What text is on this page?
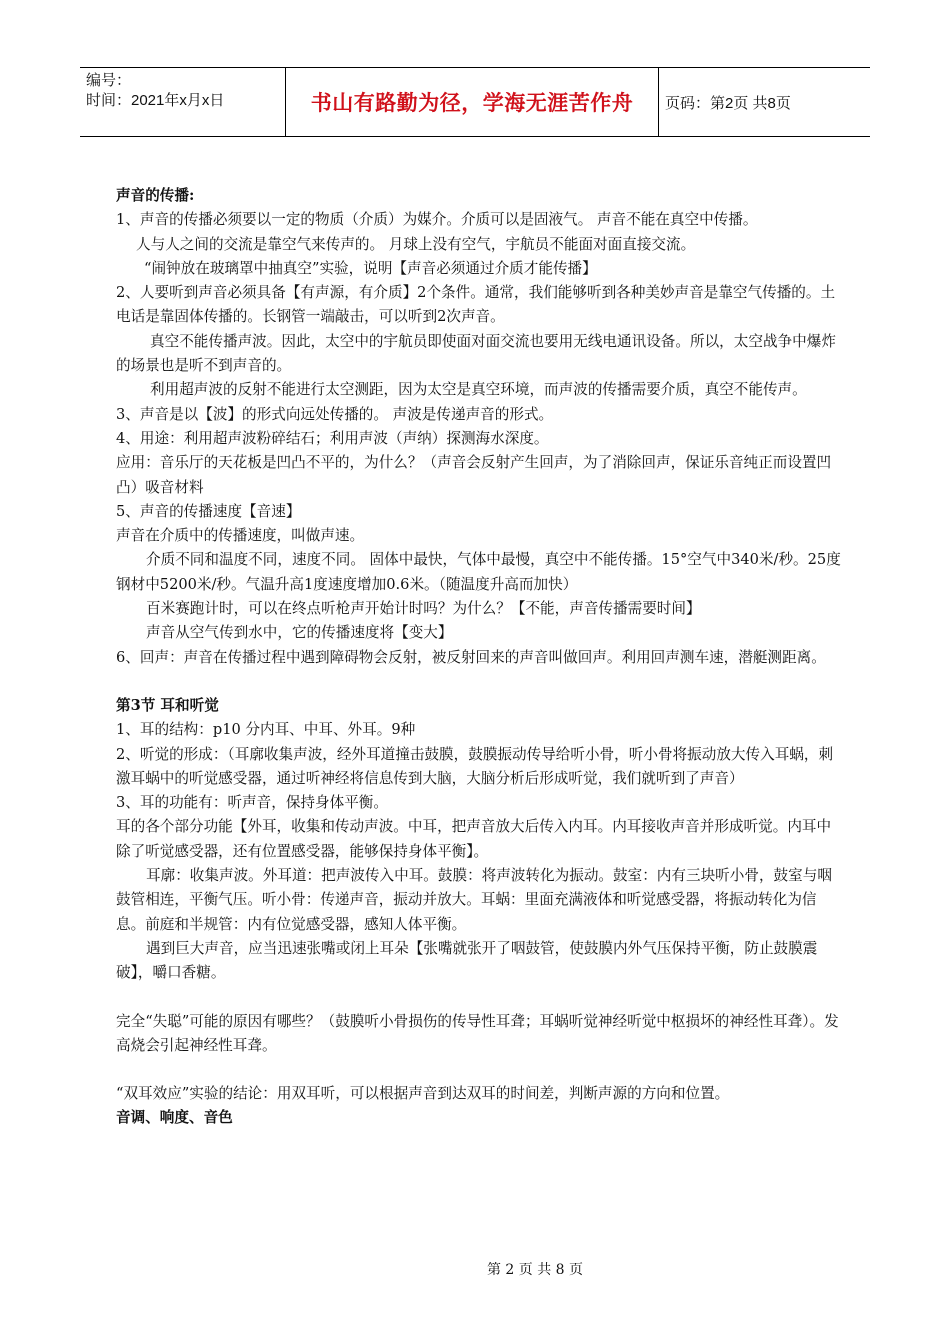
编号：
时间：2021年x月x日	书山有路勤为径，学海无涯苦作舟	页码：第2页 共8页

声音的传播:

1、声音的传播必须要以一定的物质（介质）为媒介。介质可以是固液气。 声音不能在真空中传播。

人与人之间的交流是靠空气来传声的。 月球上没有空气，宇航员不能面对面直接交流。

“闹钟放在玻璃罩中抽真空”实验，说明【声音必须通过介质才能传播】

2、人要听到声音必须具备【有声源，有介质】2个条件。通常，我们能够听到各种美妙声音是靠空气传播的。土电话是靠固体传播的。长钢管一端敲击，可以听到2次声音。

真空不能传播声波。因此，太空中的宇航员即使面对面交流也要用无线电通讯设备。所以，太空战争中爆炸的场景也是听不到声音的。

利用超声波的反射不能进行太空测距，因为太空是真空环境，而声波的传播需要介质，真空不能传声。

3、声音是以【波】的形式向远处传播的。 声波是传递声音的形式。

4、用途：利用超声波粉碎结石；利用声波（声纳）探测海水深度。

应用：音乐厅的天花板是凹凸不平的，为什么？（声音会反射产生回声，为了消除回声，保证乐音纯正而设置凹凸）吸音材料

5、声音的传播速度【音速】

声音在介质中的传播速度，叫做声速。

介质不同和温度不同，速度不同。 固体中最快，气体中最慢，真空中不能传播。15°空气中340米/秒。25度钢材中5200米/秒。气温升高1度速度增加0.6米。（随温度升高而加快）

百米赛跑计时，可以在终点听枪声开始计时吗？为什么？【不能，声音传播需要时间】

声音从空气传到水中，它的传播速度将【变大】

6、回声：声音在传播过程中遇到障碍物会反射，被反射回来的声音叫做回声。利用回声测车速，潜艇测距离。

第3节 耳和听觉

1、耳的结构：p10 分内耳、中耳、外耳。9种

2、听觉的形成：（耳廓收集声波，经外耳道撞击鼓膜，鼓膜振动传导给听小骨，听小骨将振动放大传入耳蜗，刺激耳蜗中的听觉感受器，通过听神经将信息传到大脑，大脑分析后形成听觉，我们就听到了声音）

3、耳的功能有：听声音，保持身体平衡。

耳的各个部分功能【外耳，收集和传动声波。中耳，把声音放大后传入内耳。内耳接收声音并形成听觉。内耳中除了听觉感受器，还有位置感受器，能够保持身体平衡】。

耳廓：收集声波。外耳道：把声波传入中耳。鼓膜：将声波转化为振动。鼓室：内有三块听小骨，鼓室与咽鼓管相连，平衡气压。听小骨：传递声音，振动并放大。耳蜗：里面充满液体和听觉感受器，将振动转化为信息。前庭和半规管：内有位觉感受器，感知人体平衡。

遇到巨大声音，应当迅速张嘴或闭上耳朵【张嘴就张开了咽鼓管，使鼓膜内外气压保持平衡，防止鼓膜震破】，嚼口香糖。

完全“失聪”可能的原因有哪些？（鼓膜听小骨损伤的传导性耳聋；耳蜗听觉神经听觉中枢损坏的神经性耳聋）。发高烧会引起神经性耳聋。

“双耳效应”实验的结论：用双耳听，可以根据声音到达双耳的时间差，判断声源的方向和位置。

音调、响度、音色

第 2 页 共 8 页
